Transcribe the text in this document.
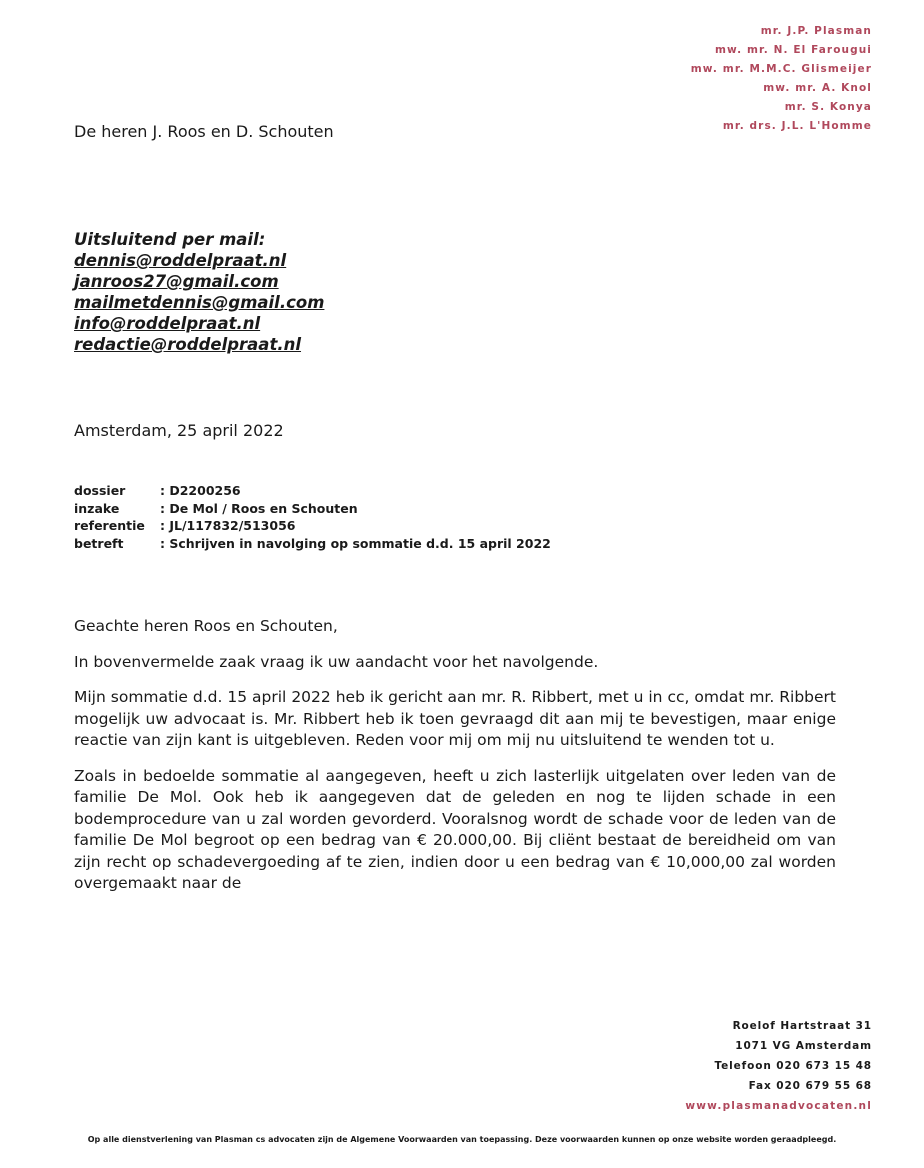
mr. J.P. Plasman
mw. mr. N. El Farougui
mw. mr. M.M.C. Glismeijer
mw. mr. A. Knol
mr. S. Konya
mr. drs. J.L. L'Homme
De heren J. Roos en D. Schouten
Uitsluitend per mail:
dennis@roddelpraat.nl
janroos27@gmail.com
mailmetdennis@gmail.com
info@roddelpraat.nl
redactie@roddelpraat.nl
Amsterdam, 25 april 2022
dossier	: D2200256
inzake	: De Mol / Roos en Schouten
referentie	: JL/117832/513056
betreft	: Schrijven in navolging op sommatie d.d. 15 april 2022

Geachte heren Roos en Schouten,

In bovenvermelde zaak vraag ik uw aandacht voor het navolgende.

Mijn sommatie d.d. 15 april 2022 heb ik gericht aan mr. R. Ribbert, met u in cc, omdat mr. Ribbert mogelijk uw advocaat is. Mr. Ribbert heb ik toen gevraagd dit aan mij te bevestigen, maar enige reactie van zijn kant is uitgebleven. Reden voor mij om mij nu uitsluitend te wenden tot u.

Zoals in bedoelde sommatie al aangegeven, heeft u zich lasterlijk uitgelaten over leden van de familie De Mol. Ook heb ik aangegeven dat de geleden en nog te lijden schade in een bodemprocedure van u zal worden gevorderd. Vooralsnog wordt de schade voor de leden van de familie De Mol begroot op een bedrag van € 20.000,00. Bij cliënt bestaat de bereidheid om van zijn recht op schadevergoeding af te zien, indien door u een bedrag van € 10,000,00 zal worden overgemaakt naar de

Roelof Hartstraat 31
1071 VG Amsterdam
Telefoon 020 673 15 48
Fax 020 679 55 68
www.plasmanadvocaten.nl
Op alle dienstverlening van Plasman cs advocaten zijn de Algemene Voorwaarden van toepassing. Deze voorwaarden kunnen op onze website worden geraadpleegd.
